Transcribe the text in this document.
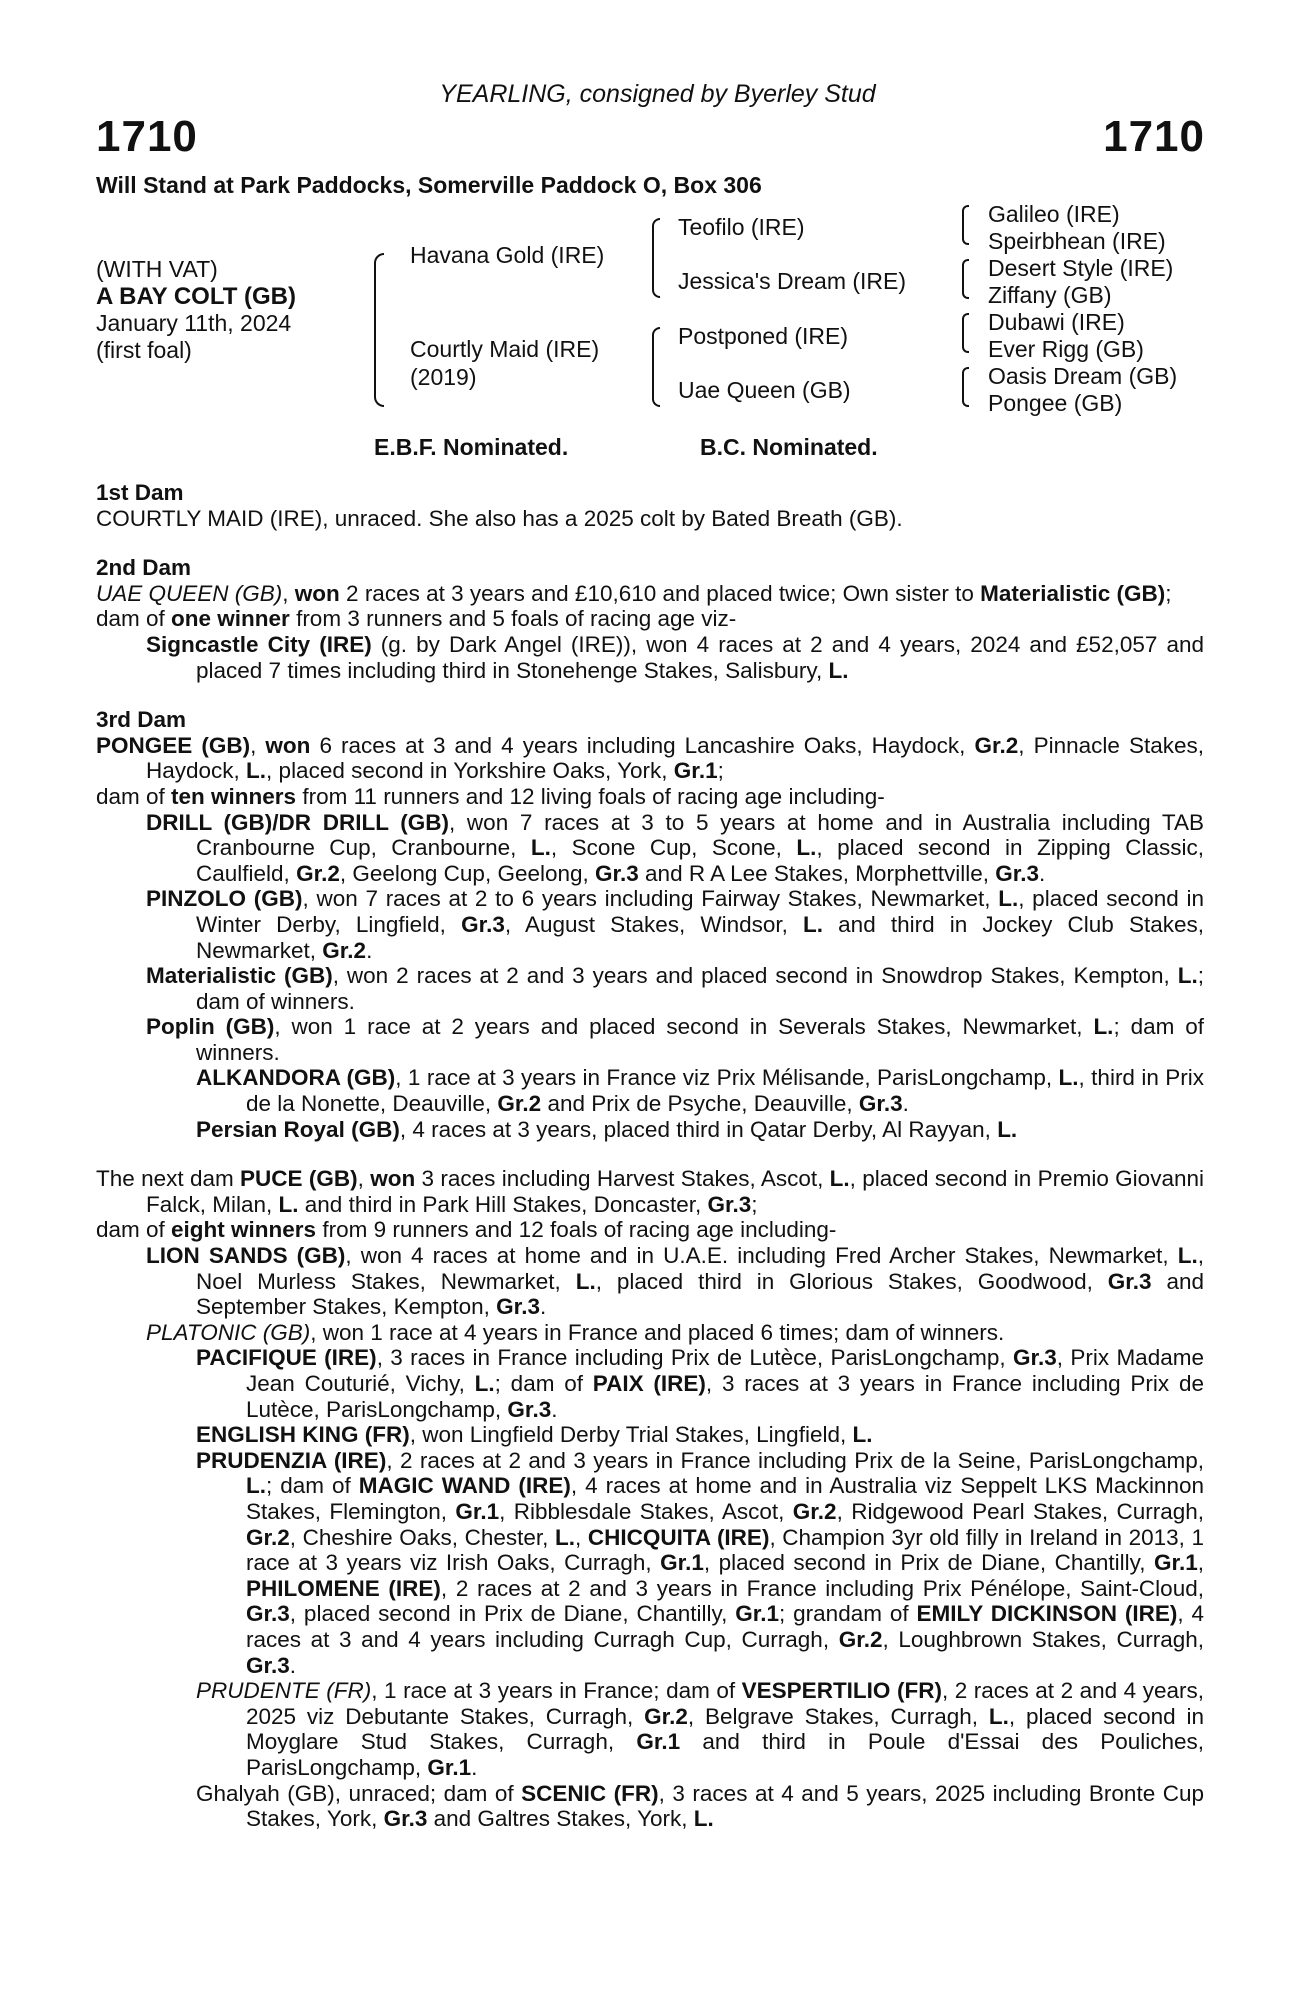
YEARLING, consigned by Byerley Stud
1710	1710
Will Stand at Park Paddocks, Somerville Paddock O, Box 306
(WITH VAT)
A BAY COLT (GB)
January 11th, 2024
(first foal)
Havana Gold (IRE)
Courtly Maid (IRE)
(2019)
Teofilo (IRE)
Jessica's Dream (IRE)
Postponed (IRE)
Uae Queen (GB)
Galileo (IRE)
Speirbhean (IRE)
Desert Style (IRE)
Ziffany (GB)
Dubawi (IRE)
Ever Rigg (GB)
Oasis Dream (GB)
Pongee (GB)
E.B.F. Nominated.	B.C. Nominated.
1st Dam

COURTLY MAID (IRE), unraced. She also has a 2025 colt by Bated Breath (GB).

2nd Dam

UAE QUEEN (GB), won 2 races at 3 years and £10,610 and placed twice; Own sister to Materialistic (GB);

dam of one winner from 3 runners and 5 foals of racing age viz-

Signcastle City (IRE) (g. by Dark Angel (IRE)), won 4 races at 2 and 4 years, 2024 and £52,057 and placed 7 times including third in Stonehenge Stakes, Salisbury, L.

3rd Dam

PONGEE (GB), won 6 races at 3 and 4 years including Lancashire Oaks, Haydock, Gr.2, Pinnacle Stakes, Haydock, L., placed second in Yorkshire Oaks, York, Gr.1;

dam of ten winners from 11 runners and 12 living foals of racing age including-

DRILL (GB)/DR DRILL (GB), won 7 races at 3 to 5 years at home and in Australia including TAB Cranbourne Cup, Cranbourne, L., Scone Cup, Scone, L., placed second in Zipping Classic, Caulfield, Gr.2, Geelong Cup, Geelong, Gr.3 and R A Lee Stakes, Morphettville, Gr.3.

PINZOLO (GB), won 7 races at 2 to 6 years including Fairway Stakes, Newmarket, L., placed second in Winter Derby, Lingfield, Gr.3, August Stakes, Windsor, L. and third in Jockey Club Stakes, Newmarket, Gr.2.

Materialistic (GB), won 2 races at 2 and 3 years and placed second in Snowdrop Stakes, Kempton, L.; dam of winners.

Poplin (GB), won 1 race at 2 years and placed second in Severals Stakes, Newmarket, L.; dam of winners.

ALKANDORA (GB), 1 race at 3 years in France viz Prix Mélisande, ParisLongchamp, L., third in Prix de la Nonette, Deauville, Gr.2 and Prix de Psyche, Deauville, Gr.3.

Persian Royal (GB), 4 races at 3 years, placed third in Qatar Derby, Al Rayyan, L.

The next dam PUCE (GB), won 3 races including Harvest Stakes, Ascot, L., placed second in Premio Giovanni Falck, Milan, L. and third in Park Hill Stakes, Doncaster, Gr.3;

dam of eight winners from 9 runners and 12 foals of racing age including-

LION SANDS (GB), won 4 races at home and in U.A.E. including Fred Archer Stakes, Newmarket, L., Noel Murless Stakes, Newmarket, L., placed third in Glorious Stakes, Goodwood, Gr.3 and September Stakes, Kempton, Gr.3.

PLATONIC (GB), won 1 race at 4 years in France and placed 6 times; dam of winners.

PACIFIQUE (IRE), 3 races in France including Prix de Lutèce, ParisLongchamp, Gr.3, Prix Madame Jean Couturié, Vichy, L.; dam of PAIX (IRE), 3 races at 3 years in France including Prix de Lutèce, ParisLongchamp, Gr.3.

ENGLISH KING (FR), won Lingfield Derby Trial Stakes, Lingfield, L.

PRUDENZIA (IRE), 2 races at 2 and 3 years in France including Prix de la Seine, ParisLongchamp, L.; dam of MAGIC WAND (IRE), 4 races at home and in Australia viz Seppelt LKS Mackinnon Stakes, Flemington, Gr.1, Ribblesdale Stakes, Ascot, Gr.2, Ridgewood Pearl Stakes, Curragh, Gr.2, Cheshire Oaks, Chester, L., CHICQUITA (IRE), Champion 3yr old filly in Ireland in 2013, 1 race at 3 years viz Irish Oaks, Curragh, Gr.1, placed second in Prix de Diane, Chantilly, Gr.1, PHILOMENE (IRE), 2 races at 2 and 3 years in France including Prix Pénélope, Saint-Cloud, Gr.3, placed second in Prix de Diane, Chantilly, Gr.1; grandam of EMILY DICKINSON (IRE), 4 races at 3 and 4 years including Curragh Cup, Curragh, Gr.2, Loughbrown Stakes, Curragh, Gr.3.

PRUDENTE (FR), 1 race at 3 years in France; dam of VESPERTILIO (FR), 2 races at 2 and 4 years, 2025 viz Debutante Stakes, Curragh, Gr.2, Belgrave Stakes, Curragh, L., placed second in Moyglare Stud Stakes, Curragh, Gr.1 and third in Poule d'Essai des Pouliches, ParisLongchamp, Gr.1.

Ghalyah (GB), unraced; dam of SCENIC (FR), 3 races at 4 and 5 years, 2025 including Bronte Cup Stakes, York, Gr.3 and Galtres Stakes, York, L.
